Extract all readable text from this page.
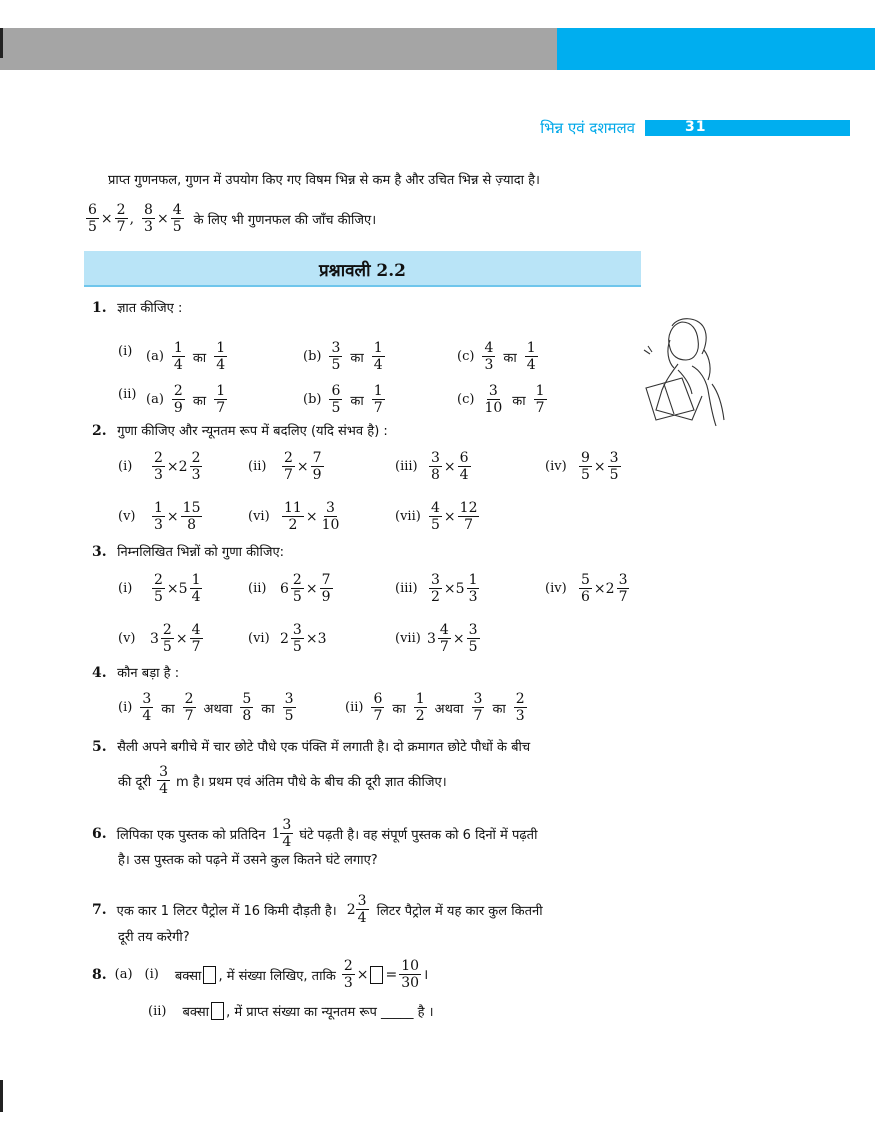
भिन्न एवं दशमलव	31
प्राप्त गुणनफल, गुणन में उपयोग किए गए विषम भिन्न से कम है और उचित भिन्न से ज़्यादा है।
$\frac{6}{5} \times \frac{2}{7}$ , $\frac{8}{3} \times \frac{4}{5}$ के लिए भी गुणनफल की जाँच कीजिए।
प्रश्नावली 2.2
1. ज्ञात कीजिए :
(i) $(a) \frac{1}{4}$ का $\frac{1}{4}$	$(b) \frac{3}{5}$ का $\frac{1}{4}$	$(c) \frac{4}{3}$ का $\frac{1}{4}$
(ii) $(a) \frac{2}{9}$ का $\frac{1}{7}$	$(b) \frac{6}{5}$ का $\frac{1}{7}$	$(c) \frac{3}{10}$ का $\frac{1}{7}$
2. गुणा कीजिए और न्यूनतम रूप में बदलिए (यदि संभव है) :
(i)	$\frac{2}{3} \times 2 \frac{2}{3}$	(ii)	$\frac{2}{7} \times \frac{7}{9}$	$(iii) \frac{3}{8} \times \frac{6}{4}$	$(iv) \frac{9}{5} \times \frac{3}{5}$
(v)	$\frac{1}{3} \times \frac{15}{8}$	$(vi) \frac{11}{2} \times \frac{3}{10}$	$(vii) \frac{4}{5} \times \frac{12}{7}$
3. निम्नलिखित भिन्नों को गुणा कीजिए:
(i)	$\frac{2}{5} \times 5 \frac{1}{4}$	(ii) $6 \frac{2}{5} \times \frac{7}{9}$	$(iii) \frac{3}{2} \times 5 \frac{1}{3}$	$(iv) \frac{5}{6} \times 2 \frac{3}{7}$
(v)	$3 \frac{2}{5} \times \frac{4}{7}$	(vi) $2 \frac{3}{5} \times 3$	(vii) $3 \frac{4}{7} \times \frac{3}{5}$
4. कौन बड़ा है :
$(i) \frac{3}{4}$ का $\frac{2}{7}$ अथवा $\frac{5}{8}$ का $\frac{3}{5}$	$(ii) \frac{6}{7}$ का $\frac{1}{2}$ अथवा $\frac{3}{7}$ का $\frac{2}{3}$
5. सैली अपने बगीचे में चार छोटे पौधे एक पंक्ति में लगाती है। दो क्रमागत छोटे पौधों के बीच
की दूरी $\frac{3}{4}$ m है। प्रथम एवं अंतिम पौधे के बीच की दूरी ज्ञात कीजिए।
6. लिपिका एक पुस्तक को प्रतिदिन $1 \frac{3}{4}$ घंटे पढ़ती है। वह संपूर्ण पुस्तक को 6 दिनों में पढ़ती
है। उस पुस्तक को पढ़ने में उसने कुल कितने घंटे लगाए?
7. एक कार 1 लिटर पैट्रोल में 16 किमी दौड़ती है। $2 \frac{3}{4}$ लिटर पैट्रोल में यह कार कुल कितनी
दूरी तय करेगी?
8. (a) (i) बक्सा , में संख्या लिखिए, ताकि $\frac{2}{3}$ × = $\frac{10}{30}$ ।
(ii) बक्सा , में प्राप्त संख्या का न्यूनतम रूप _____ है ।
